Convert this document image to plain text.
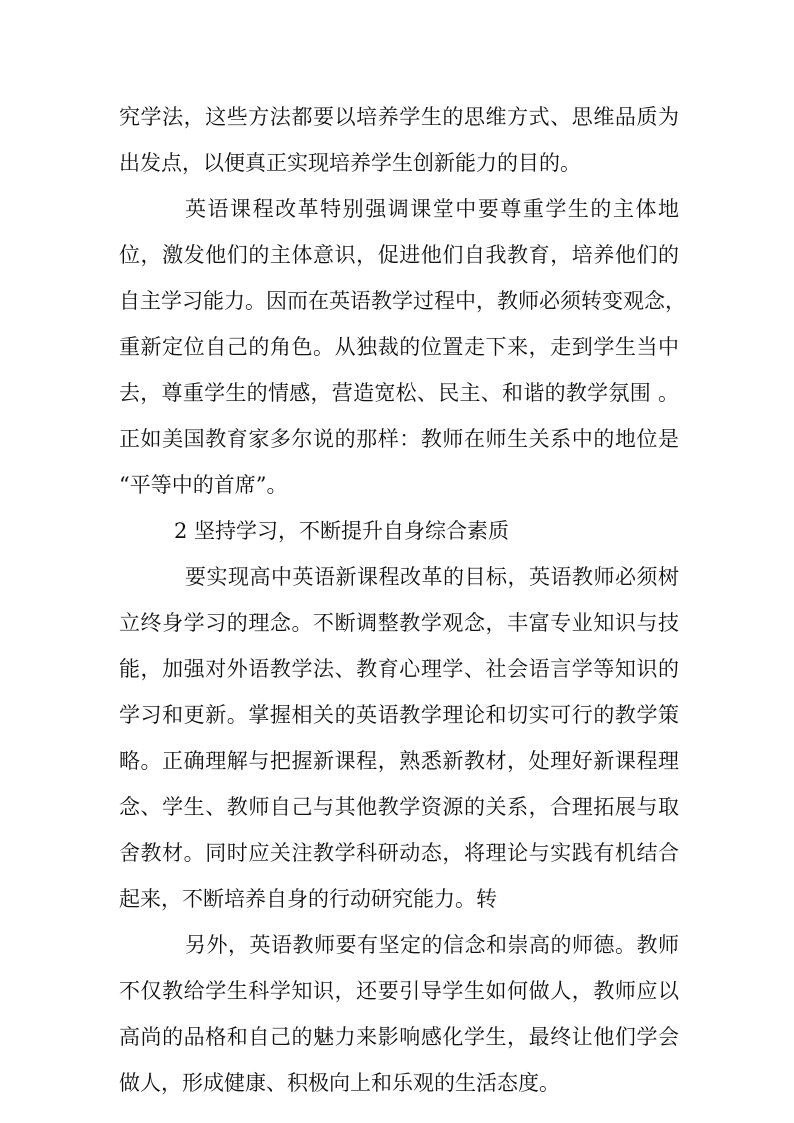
究学法，这些方法都要以培养学生的思维方式、思维品质为
出发点，以便真正实现培养学生创新能力的目的。
英语课程改革特别强调课堂中要尊重学生的主体地
位，激发他们的主体意识，促进他们自我教育，培养他们的
自主学习能力。因而在英语教学过程中，教师必须转变观念，
重新定位自己的角色。从独裁的位置走下来，走到学生当中
去，尊重学生的情感，营造宽松、民主、和谐的教学氛围 。
正如美国教育家多尔说的那样：教师在师生关系中的地位是
“平等中的首席”。
2 坚持学习，不断提升自身综合素质
要实现高中英语新课程改革的目标，英语教师必须树
立终身学习的理念。不断调整教学观念，丰富专业知识与技
能，加强对外语教学法、教育心理学、社会语言学等知识的
学习和更新。掌握相关的英语教学理论和切实可行的教学策
略。正确理解与把握新课程，熟悉新教材，处理好新课程理
念、学生、教师自己与其他教学资源的关系，合理拓展与取
舍教材。同时应关注教学科研动态，将理论与实践有机结合
起来，不断培养自身的行动研究能力。转
另外，英语教师要有坚定的信念和崇高的师德。教师
不仅教给学生科学知识，还要引导学生如何做人，教师应以
高尚的品格和自己的魅力来影响感化学生，最终让他们学会
做人，形成健康、积极向上和乐观的生活态度。
